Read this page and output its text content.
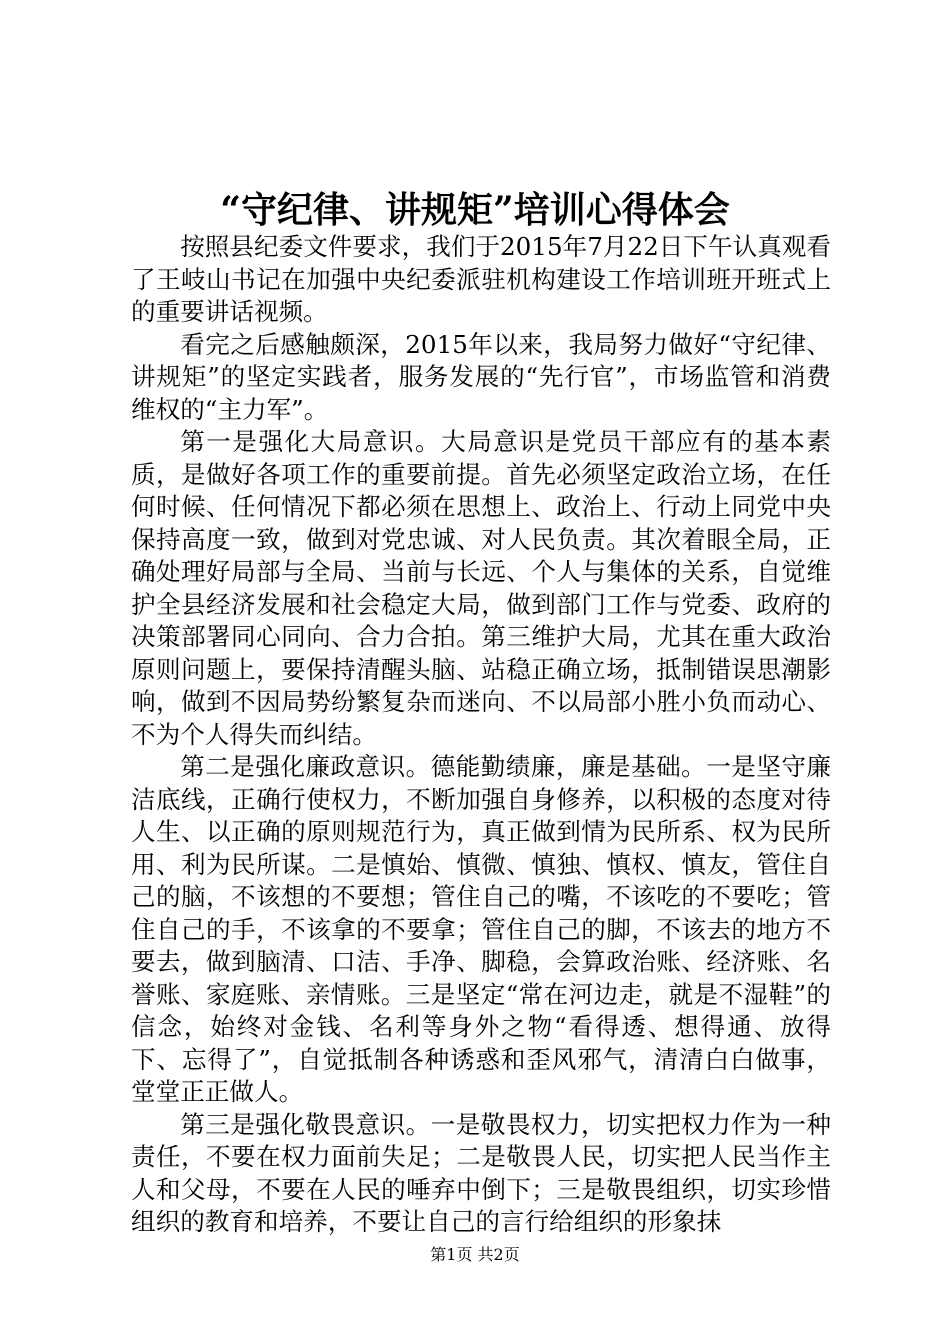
“守纪律、讲规矩”培训心得体会

按照县纪委文件要求，我们于2015年7月22日下午认真观看了王岐山书记在加强中央纪委派驻机构建设工作培训班开班式上的重要讲话视频。

看完之后感触颇深，2015年以来，我局努力做好“守纪律、讲规矩”的坚定实践者，服务发展的“先行官”，市场监管和消费维权的“主力军”。

第一是强化大局意识。大局意识是党员干部应有的基本素质，是做好各项工作的重要前提。首先必须坚定政治立场，在任何时候、任何情况下都必须在思想上、政治上、行动上同党中央保持高度一致，做到对党忠诚、对人民负责。其次着眼全局，正确处理好局部与全局、当前与长远、个人与集体的关系，自觉维护全县经济发展和社会稳定大局，做到部门工作与党委、政府的决策部署同心同向、合力合拍。第三维护大局，尤其在重大政治原则问题上，要保持清醒头脑、站稳正确立场，抵制错误思潮影响，做到不因局势纷繁复杂而迷向、不以局部小胜小负而动心、不为个人得失而纠结。

第二是强化廉政意识。德能勤绩廉，廉是基础。一是坚守廉洁底线，正确行使权力，不断加强自身修养，以积极的态度对待人生、以正确的原则规范行为，真正做到情为民所系、权为民所用、利为民所谋。二是慎始、慎微、慎独、慎权、慎友，管住自己的脑，不该想的不要想；管住自己的嘴，不该吃的不要吃；管住自己的手，不该拿的不要拿；管住自己的脚，不该去的地方不要去，做到脑清、口洁、手净、脚稳，会算政治账、经济账、名誉账、家庭账、亲情账。三是坚定“常在河边走，就是不湿鞋”的信念，始终对金钱、名利等身外之物“看得透、想得通、放得下、忘得了”，自觉抵制各种诱惑和歪风邪气，清清白白做事，堂堂正正做人。

第三是强化敬畏意识。一是敬畏权力，切实把权力作为一种责任，不要在权力面前失足；二是敬畏人民，切实把人民当作主人和父母，不要在人民的唾弃中倒下；三是敬畏组织，切实珍惜组织的教育和培养，不要让自己的言行给组织的形象抹

第1页 共2页
